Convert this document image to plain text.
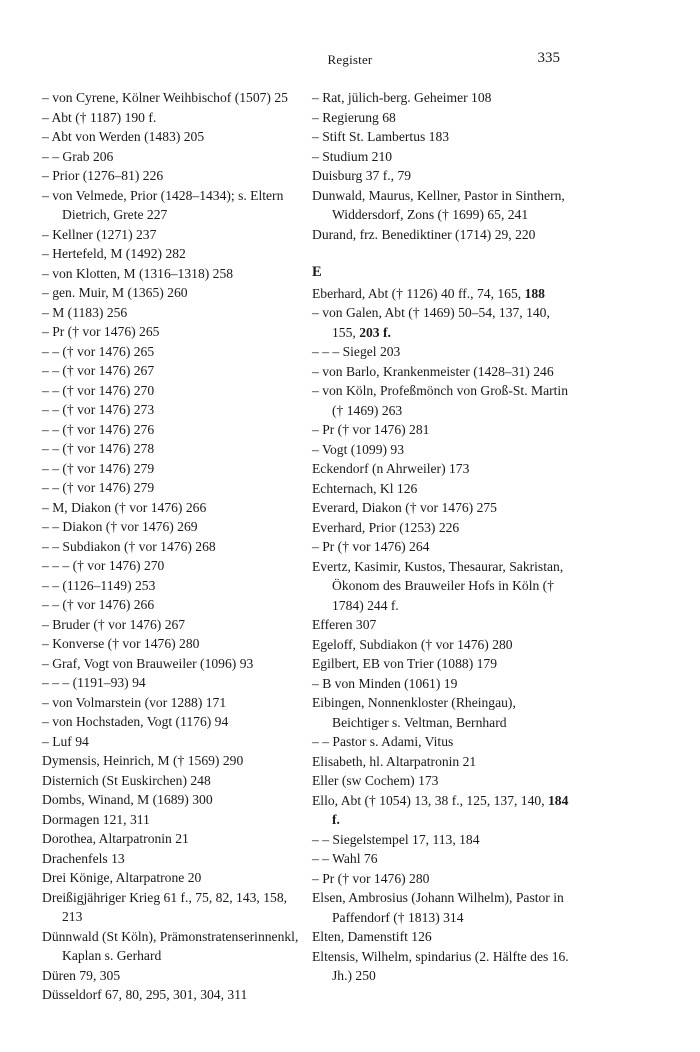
Register	335
– von Cyrene, Kölner Weihbischof (1507) 25
– Abt († 1187) 190 f.
– Abt von Werden (1483) 205
– – Grab 206
– Prior (1276–81) 226
– von Velmede, Prior (1428–1434); s. Eltern Dietrich, Grete 227
– Kellner (1271) 237
– Hertefeld, M (1492) 282
– von Klotten, M (1316–1318) 258
– gen. Muir, M (1365) 260
– M (1183) 256
– Pr († vor 1476) 265
– – († vor 1476) 265
– – († vor 1476) 267
– – († vor 1476) 270
– – († vor 1476) 273
– – († vor 1476) 276
– – († vor 1476) 278
– – († vor 1476) 279
– – († vor 1476) 279
– M, Diakon († vor 1476) 266
– – Diakon († vor 1476) 269
– – Subdiakon († vor 1476) 268
– – – († vor 1476) 270
– – (1126–1149) 253
– – († vor 1476) 266
– Bruder († vor 1476) 267
– Konverse († vor 1476) 280
– Graf, Vogt von Brauweiler (1096) 93
– – – (1191–93) 94
– von Volmarstein (vor 1288) 171
– von Hochstaden, Vogt (1176) 94
– Luf 94
Dymensis, Heinrich, M († 1569) 290
Disternich (St Euskirchen) 248
Dombs, Winand, M (1689) 300
Dormagen 121, 311
Dorothea, Altarpatronin 21
Drachenfels 13
Drei Könige, Altarpatrone 20
Dreißigjähriger Krieg 61 f., 75, 82, 143, 158, 213
Dünnwald (St Köln), Prämonstratenserinnenkl, Kaplan s. Gerhard
Düren 79, 305
Düsseldorf 67, 80, 295, 301, 304, 311
– Rat, jülich-berg. Geheimer 108
– Regierung 68
– Stift St. Lambertus 183
– Studium 210
Duisburg 37 f., 79
Dunwald, Maurus, Kellner, Pastor in Sinthern, Widdersdorf, Zons († 1699) 65, 241
Durand, frz. Benediktiner (1714) 29, 220
E
Eberhard, Abt († 1126) 40 ff., 74, 165, 188
– von Galen, Abt († 1469) 50–54, 137, 140, 155, 203 f.
– – – Siegel 203
– von Barlo, Krankenmeister (1428–31) 246
– von Köln, Profeßmönch von Groß-St. Martin († 1469) 263
– Pr († vor 1476) 281
– Vogt (1099) 93
Eckendorf (n Ahrweiler) 173
Echternach, Kl 126
Everard, Diakon († vor 1476) 275
Everhard, Prior (1253) 226
– Pr († vor 1476) 264
Evertz, Kasimir, Kustos, Thesaurar, Sakristan, Ökonom des Brauweiler Hofs in Köln († 1784) 244 f.
Efferen 307
Egeloff, Subdiakon († vor 1476) 280
Egilbert, EB von Trier (1088) 179
– B von Minden (1061) 19
Eibingen, Nonnenkloster (Rheingau), Beichtiger s. Veltman, Bernhard
– – Pastor s. Adami, Vitus
Elisabeth, hl. Altarpatronin 21
Eller (sw Cochem) 173
Ello, Abt († 1054) 13, 38 f., 125, 137, 140, 184 f.
– – Siegelstempel 17, 113, 184
– – Wahl 76
– Pr († vor 1476) 280
Elsen, Ambrosius (Johann Wilhelm), Pastor in Paffendorf († 1813) 314
Elten, Damenstift 126
Eltensis, Wilhelm, spindarius (2. Hälfte des 16. Jh.) 250
